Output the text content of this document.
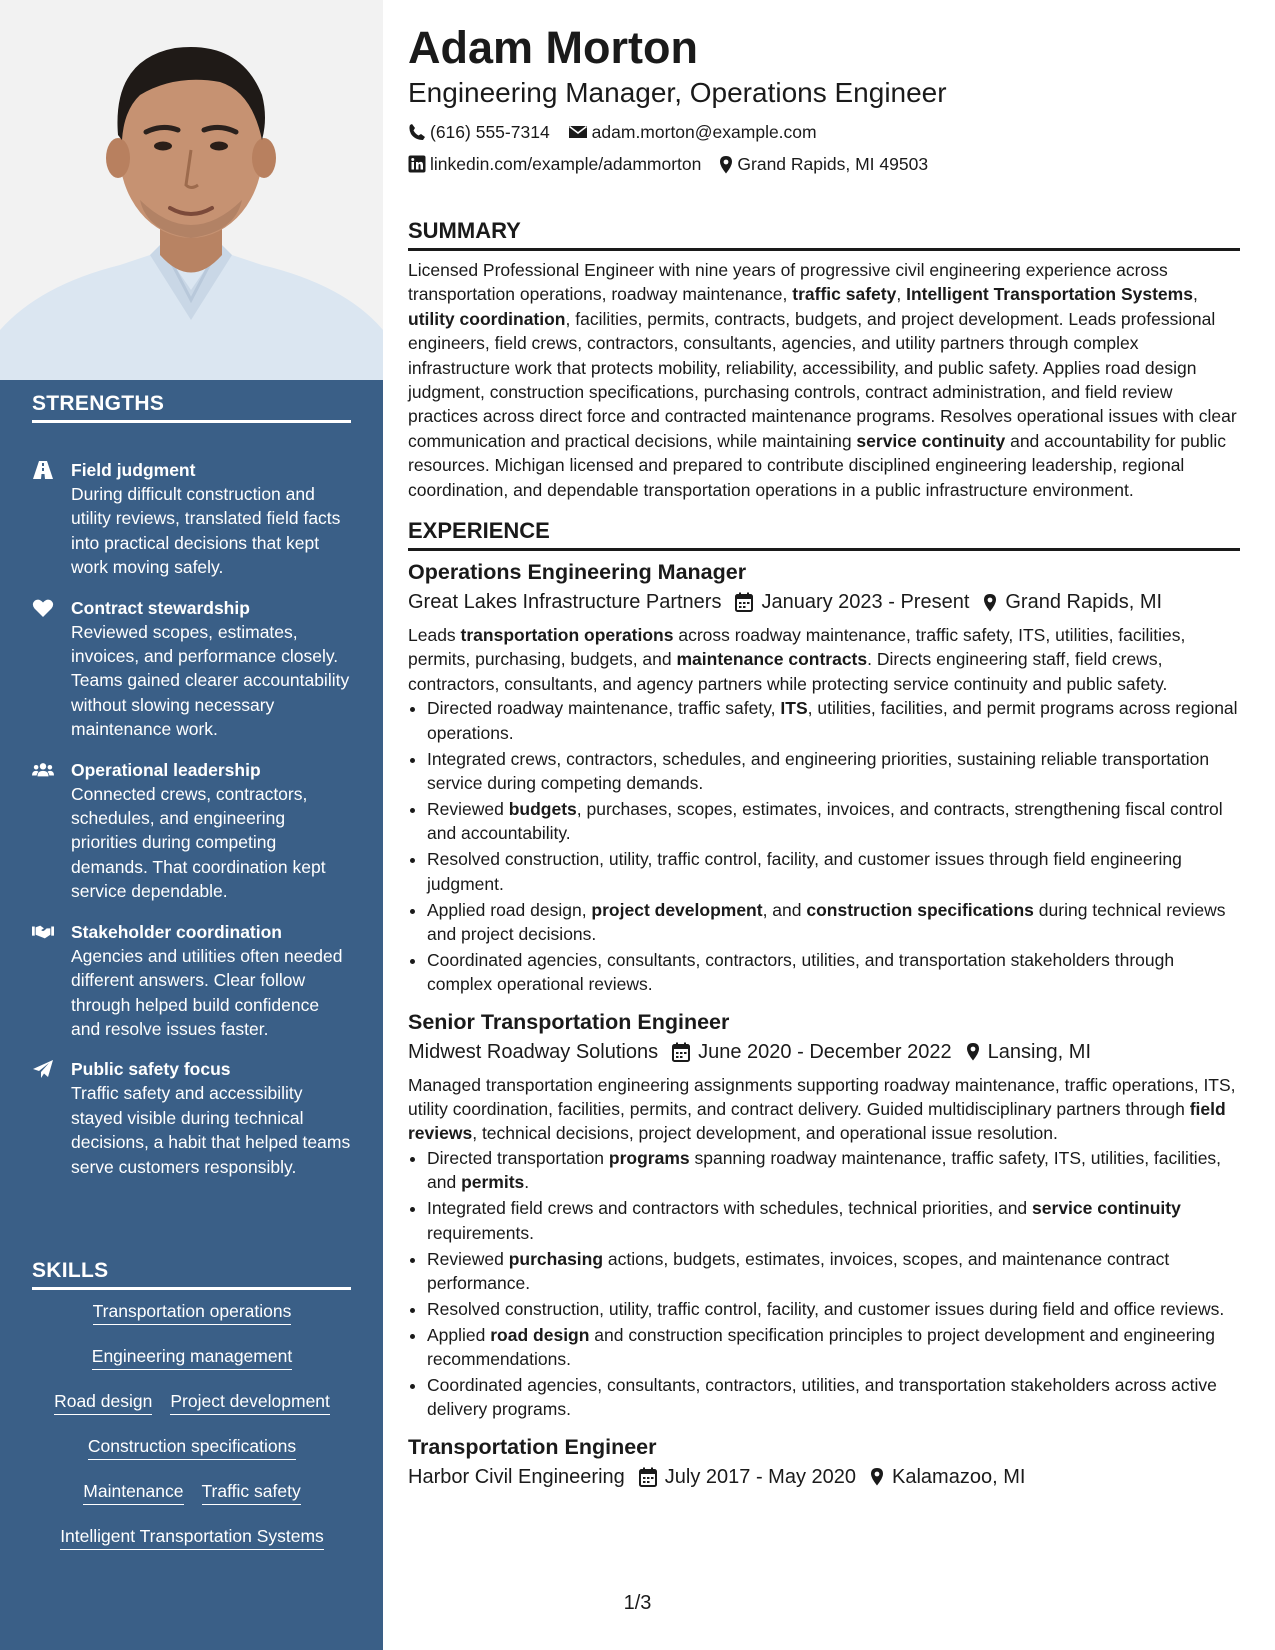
STRENGTHS
Field judgment
During difficult construction and utility reviews, translated field facts into practical decisions that kept work moving safely.
Contract stewardship
Reviewed scopes, estimates, invoices, and performance closely. Teams gained clearer accountability without slowing necessary maintenance work.
Operational leadership
Connected crews, contractors, schedules, and engineering priorities during competing demands. That coordination kept service dependable.
Stakeholder coordination
Agencies and utilities often needed different answers. Clear follow through helped build confidence and resolve issues faster.
Public safety focus
Traffic safety and accessibility stayed visible during technical decisions, a habit that helped teams serve customers responsibly.
SKILLS
Transportation operations
Engineering management
Road design Project development
Construction specifications
Maintenance Traffic safety
Intelligent Transportation Systems
Adam Morton
Engineering Manager, Operations Engineer
(616) 555-7314 adam.morton@example.com
linkedin.com/example/adammorton Grand Rapids, MI 49503
SUMMARY

Licensed Professional Engineer with nine years of progressive civil engineering experience across transportation operations, roadway maintenance, traffic safety, Intelligent Transportation Systems, utility coordination, facilities, permits, contracts, budgets, and project development. Leads professional engineers, field crews, contractors, consultants, agencies, and utility partners through complex infrastructure work that protects mobility, reliability, accessibility, and public safety. Applies road design judgment, construction specifications, purchasing controls, contract administration, and field review practices across direct force and contracted maintenance programs. Resolves operational issues with clear communication and practical decisions, while maintaining service continuity and accountability for public resources. Michigan licensed and prepared to contribute disciplined engineering leadership, regional coordination, and dependable transportation operations in a public infrastructure environment.

EXPERIENCE
Operations Engineering Manager
Great Lakes Infrastructure Partners January 2023 - Present Grand Rapids, MI

Leads transportation operations across roadway maintenance, traffic safety, ITS, utilities, facilities, permits, purchasing, budgets, and maintenance contracts. Directs engineering staff, field crews, contractors, consultants, and agency partners while protecting service continuity and public safety.

• Directed roadway maintenance, traffic safety, ITS, utilities, facilities, and permit programs across regional operations.
• Integrated crews, contractors, schedules, and engineering priorities, sustaining reliable transportation service during competing demands.
• Reviewed budgets, purchases, scopes, estimates, invoices, and contracts, strengthening fiscal control and accountability.
• Resolved construction, utility, traffic control, facility, and customer issues through field engineering judgment.
• Applied road design, project development, and construction specifications during technical reviews and project decisions.
• Coordinated agencies, consultants, contractors, utilities, and transportation stakeholders through complex operational reviews.
Senior Transportation Engineer
Midwest Roadway Solutions June 2020 - December 2022 Lansing, MI

Managed transportation engineering assignments supporting roadway maintenance, traffic operations, ITS, utility coordination, facilities, permits, and contract delivery. Guided multidisciplinary partners through field reviews, technical decisions, project development, and operational issue resolution.

• Directed transportation programs spanning roadway maintenance, traffic safety, ITS, utilities, facilities, and permits.
• Integrated field crews and contractors with schedules, technical priorities, and service continuity requirements.
• Reviewed purchasing actions, budgets, estimates, invoices, scopes, and maintenance contract performance.
• Resolved construction, utility, traffic control, facility, and customer issues during field and office reviews.
• Applied road design and construction specification principles to project development and engineering recommendations.
• Coordinated agencies, consultants, contractors, utilities, and transportation stakeholders across active delivery programs.
Transportation Engineer
Harbor Civil Engineering July 2017 - May 2020 Kalamazoo, MI
1/3
